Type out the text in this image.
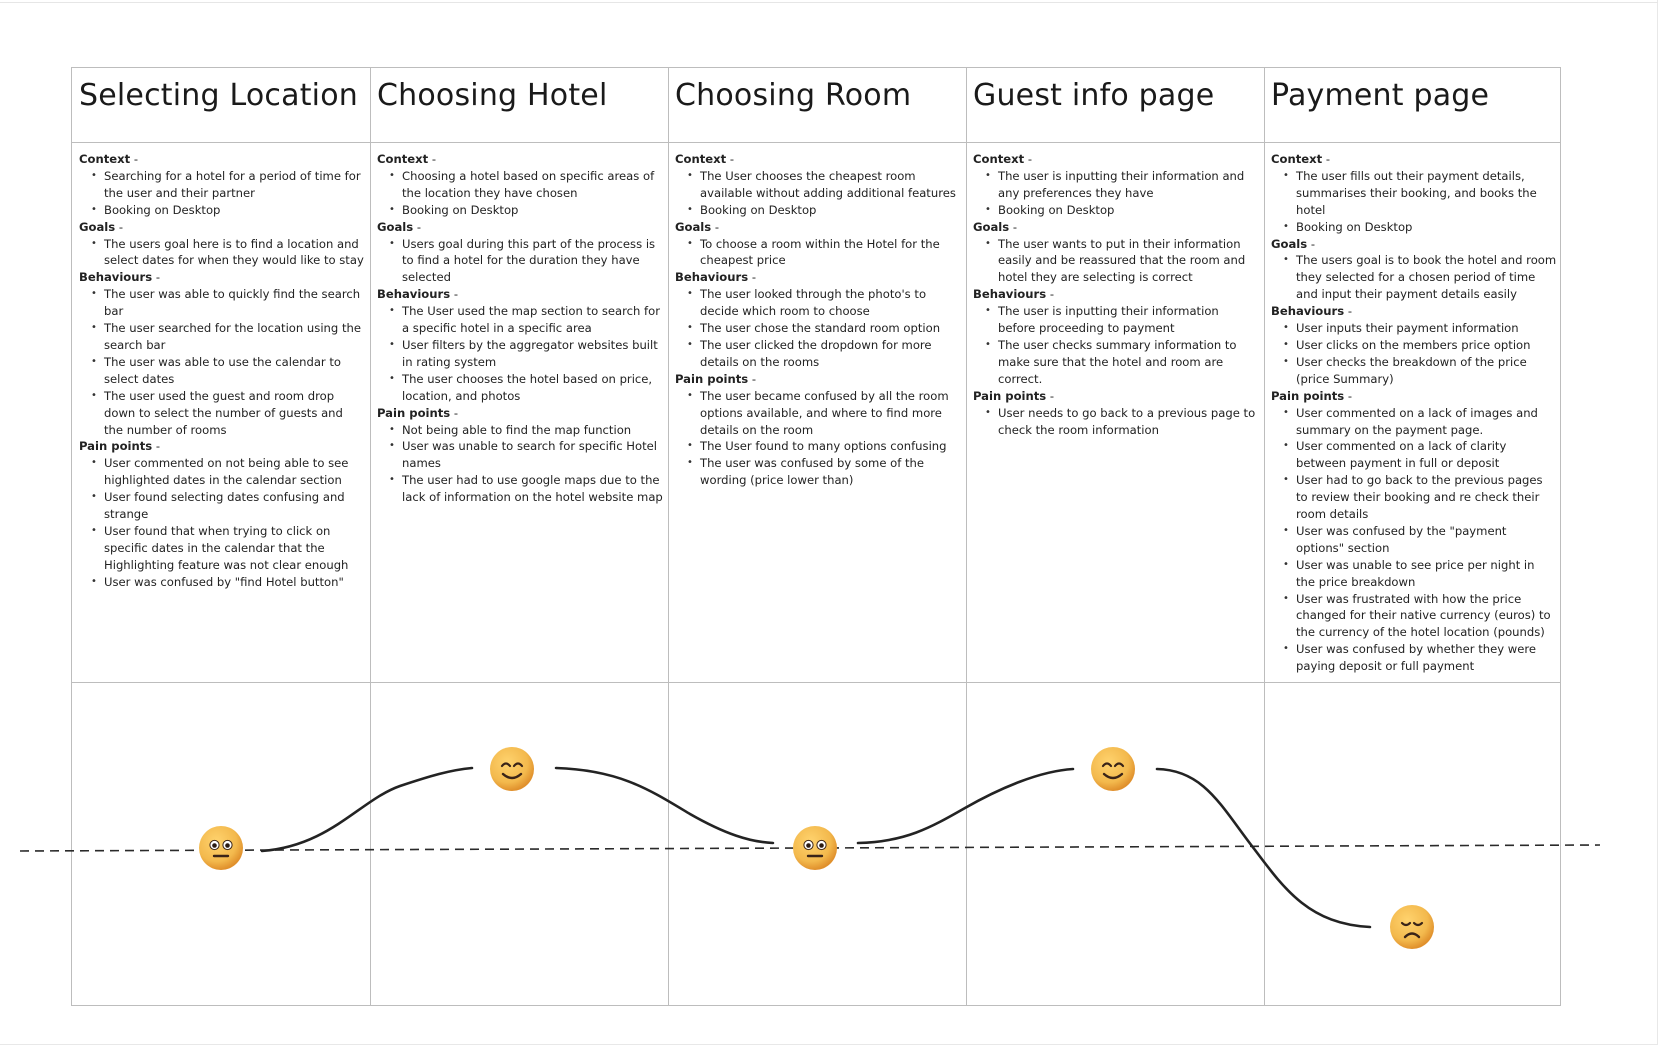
Selecting Location
Context -
• Searching for a hotel for a period of time for the user and their partner
• Booking on Desktop
Goals -
• The users goal here is to find a location and select dates for when they would like to stay
Behaviours -
• The user was able to quickly find the search bar
• The user searched for the location using the search bar
• The user was able to use the calendar to select dates
• The user used the guest and room drop down to select the number of guests and the number of rooms
Pain points -
• User commented on not being able to see highlighted dates in the calendar section
• User found selecting dates confusing and strange
• User found that when trying to click on specific dates in the calendar that the Highlighting feature was not clear enough
• User was confused by "find Hotel button"
Choosing Hotel
Context -
• Choosing a hotel based on specific areas of the location they have chosen
• Booking on Desktop
Goals -
• Users goal during this part of the process is to find a hotel for the duration they have selected
Behaviours -
• The User used the map section to search for a specific hotel in a specific area
• User filters by the aggregator websites built in rating system
• The user chooses the hotel based on price, location, and photos
Pain points -
• Not being able to find the map function
• User was unable to search for specific Hotel names
• The user had to use google maps due to the lack of information on the hotel website map
Choosing Room
Context -
• The User chooses the cheapest room available without adding additional features
• Booking on Desktop
Goals -
• To choose a room within the Hotel for the cheapest price
Behaviours -
• The user looked through the photo's to decide which room to choose
• The user chose the standard room option
• The user clicked the dropdown for more details on the rooms
Pain points -
• The user became confused by all the room options available, and where to find more details on the room
• The User found to many options confusing
• The user was confused by some of the wording (price lower than)
Guest info page
Context -
• The user is inputting their information and any preferences they have
• Booking on Desktop
Goals -
• The user wants to put in their information easily and be reassured that the room and hotel they are selecting is correct
Behaviours -
• The user is inputting their information before proceeding to payment
• The user checks summary information to make sure that the hotel and room are correct.
Pain points -
• User needs to go back to a previous page to check the room information
Payment page
Context -
• The user fills out their payment details, summarises their booking, and books the hotel
• Booking on Desktop
Goals -
• The users goal is to book the hotel and room they selected for a chosen period of time and input their payment details easily
Behaviours -
• User inputs their payment information
• User clicks on the members price option
• User checks the breakdown of the price (price Summary)
Pain points -
• User commented on a lack of images and summary on the payment page.
• User commented on a lack of clarity between payment in full or deposit
• User had to go back to the previous pages to review their booking and re check their room details
• User was confused by the "payment options" section
• User was unable to see price per night in the price breakdown
• User was frustrated with how the price changed for their native currency (euros) to the currency of the hotel location (pounds)
• User was confused by whether they were paying deposit or full payment
